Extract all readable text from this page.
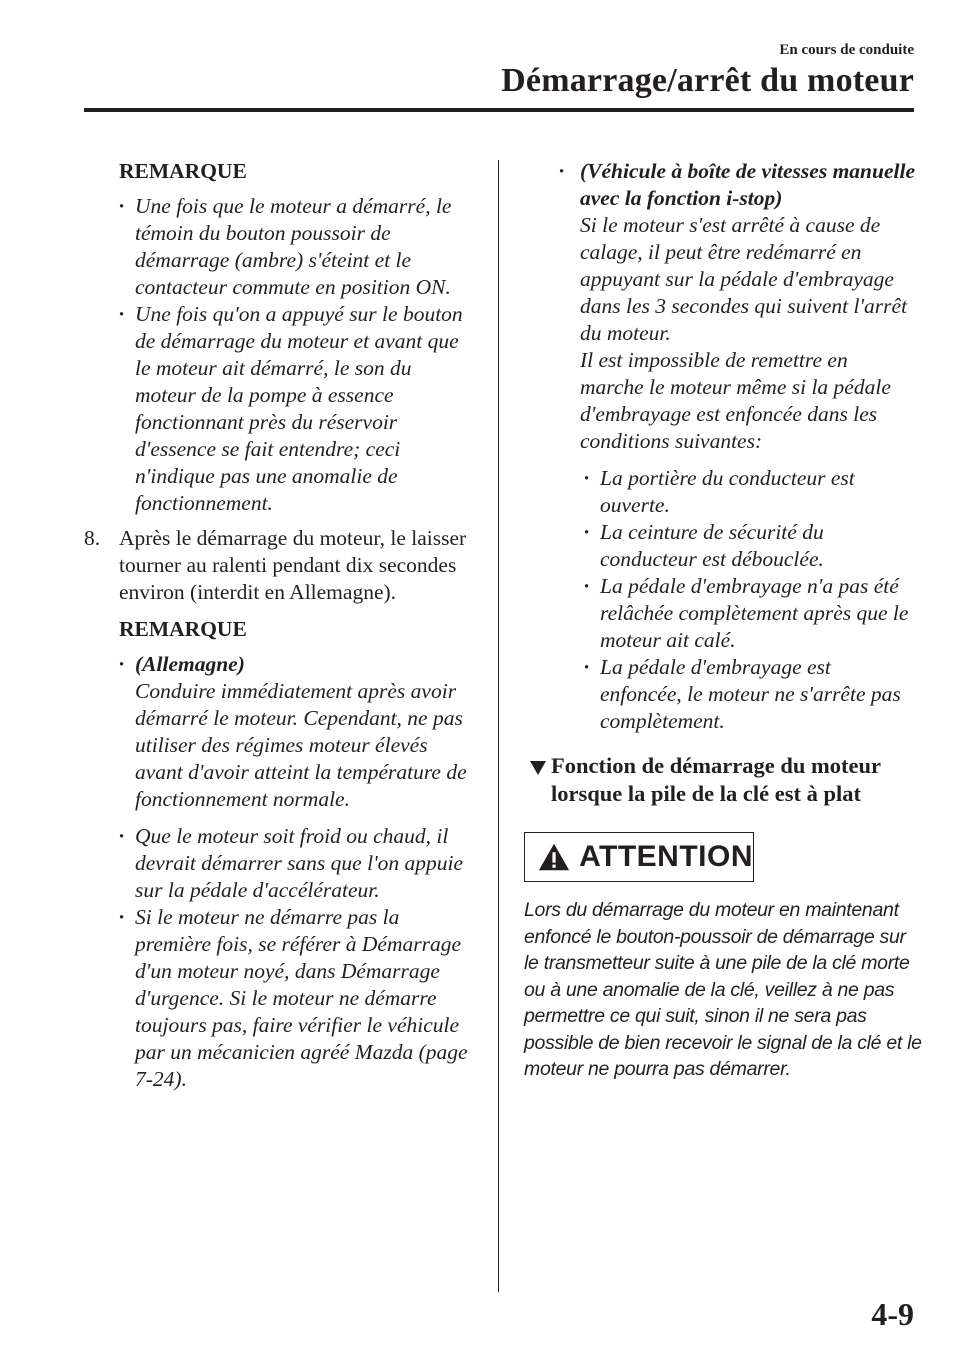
En cours de conduite
Démarrage/arrêt du moteur
REMARQUE
· Une fois que le moteur a démarré, le témoin du bouton poussoir de démarrage (ambre) s'éteint et le contacteur commute en position ON.
· Une fois qu'on a appuyé sur le bouton de démarrage du moteur et avant que le moteur ait démarré, le son du moteur de la pompe à essence fonctionnant près du réservoir d'essence se fait entendre; ceci n'indique pas une anomalie de fonctionnement.
8. Après le démarrage du moteur, le laisser tourner au ralenti pendant dix secondes environ (interdit en Allemagne).
REMARQUE
· (Allemagne)
Conduire immédiatement après avoir démarré le moteur. Cependant, ne pas utiliser des régimes moteur élevés avant d'avoir atteint la température de fonctionnement normale.
· Que le moteur soit froid ou chaud, il devrait démarrer sans que l'on appuie sur la pédale d'accélérateur.
· Si le moteur ne démarre pas la première fois, se référer à Démarrage d'un moteur noyé, dans Démarrage d'urgence. Si le moteur ne démarre toujours pas, faire vérifier le véhicule par un mécanicien agréé Mazda (page 7-24).
· (Véhicule à boîte de vitesses manuelle avec la fonction i-stop)
Si le moteur s'est arrêté à cause de calage, il peut être redémarré en appuyant sur la pédale d'embrayage dans les 3 secondes qui suivent l'arrêt du moteur.
Il est impossible de remettre en marche le moteur même si la pédale d'embrayage est enfoncée dans les conditions suivantes:
· La portière du conducteur est ouverte.
· La ceinture de sécurité du conducteur est débouclée.
· La pédale d'embrayage n'a pas été relâchée complètement après que le moteur ait calé.
· La pédale d'embrayage est enfoncée, le moteur ne s'arrête pas complètement.
Fonction de démarrage du moteur lorsque la pile de la clé est à plat
ATTENTION
Lors du démarrage du moteur en maintenant enfoncé le bouton-poussoir de démarrage sur le transmetteur suite à une pile de la clé morte ou à une anomalie de la clé, veillez à ne pas permettre ce qui suit, sinon il ne sera pas possible de bien recevoir le signal de la clé et le moteur ne pourra pas démarrer.
4-9
